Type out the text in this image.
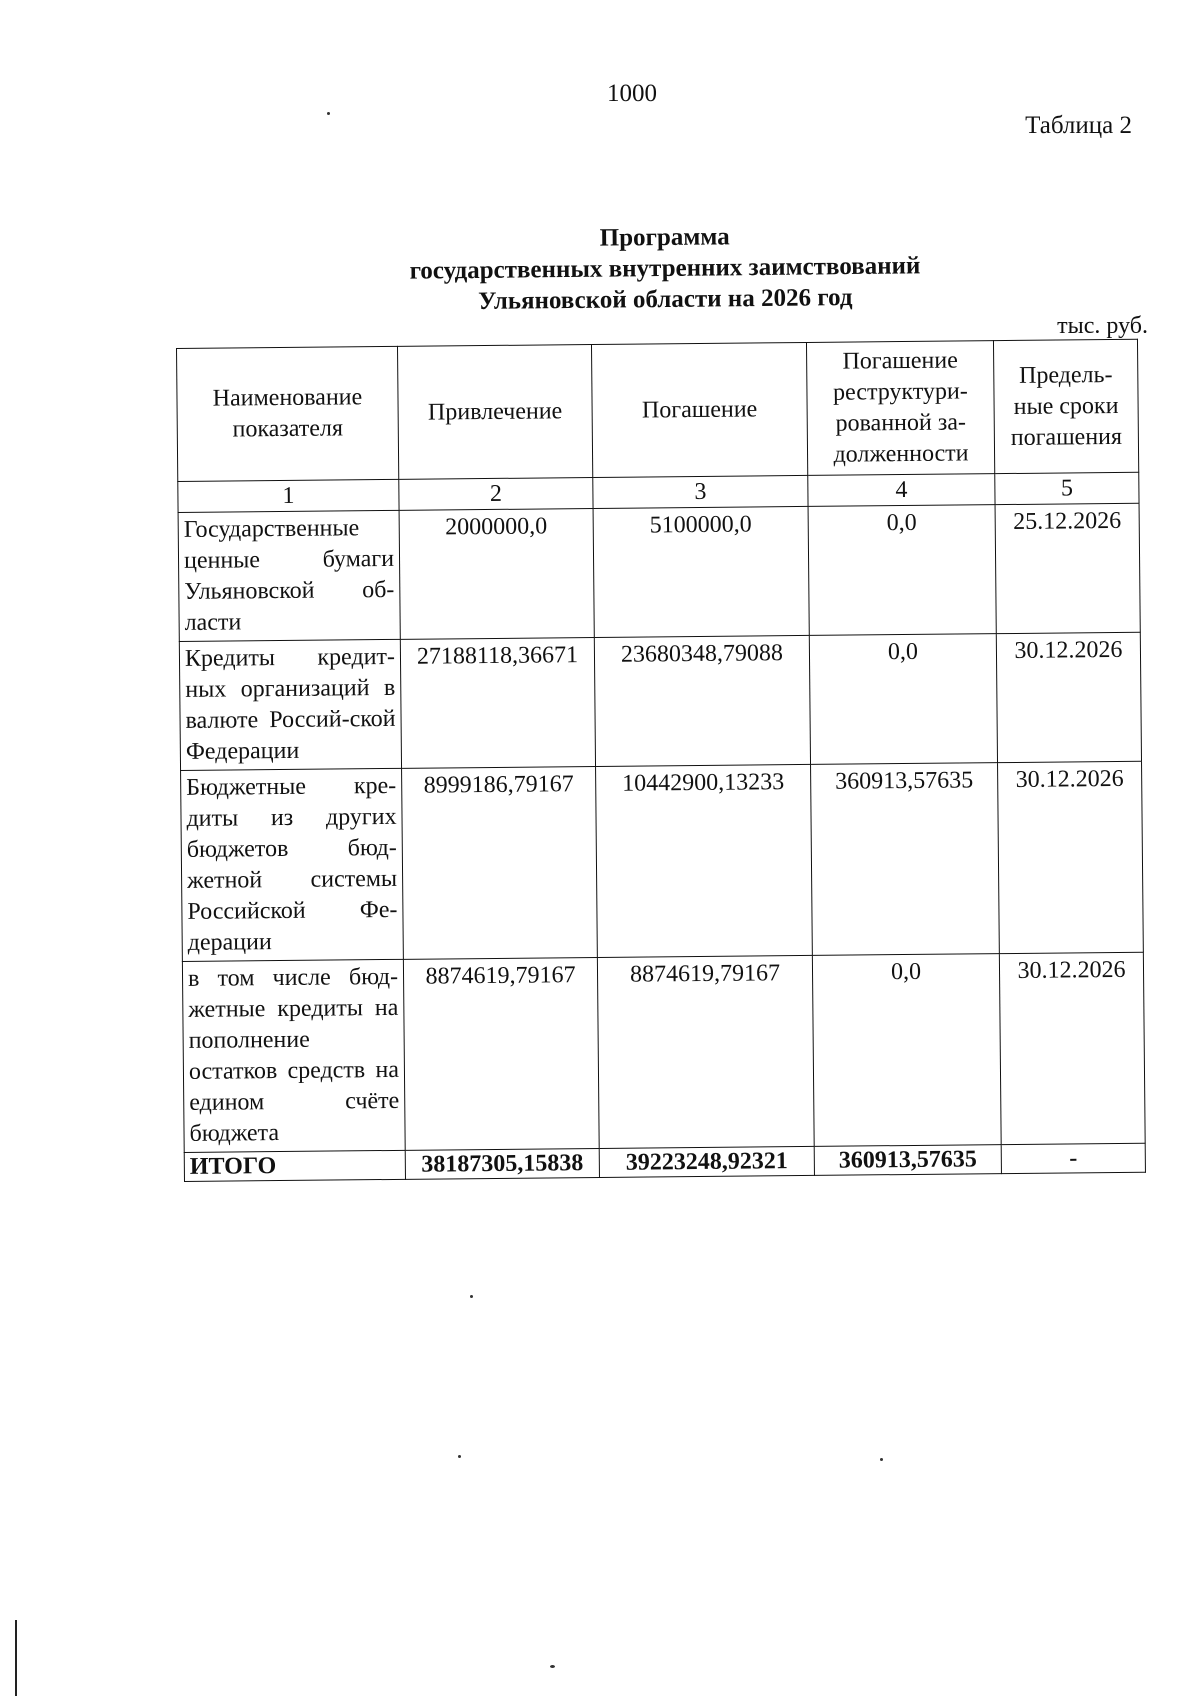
1000
Таблица 2
Программа
государственных внутренних заимствований
Ульяновской области на 2026 год
тыс. руб.
Наименование показателя	Привлечение	Погашение	Погашение реструктури-рованной за-долженности	Предель-ные сроки погашения
1	2	3	4	5
Государственные ценные бумаги Ульяновской об-ласти	2000000,0	5100000,0	0,0	25.12.2026
Кредиты кредит-ных организаций в валюте Россий-ской Федерации	27188118,36671	23680348,79088	0,0	30.12.2026
Бюджетные кре-диты из других бюджетов бюд-жетной системы Российской Фе-дерации	8999186,79167	10442900,13233	360913,57635	30.12.2026
в том числе бюд-жетные кредиты на пополнение остатков средств на едином счёте бюджета	8874619,79167	8874619,79167	0,0	30.12.2026
ИТОГО	38187305,15838	39223248,92321	360913,57635	-
